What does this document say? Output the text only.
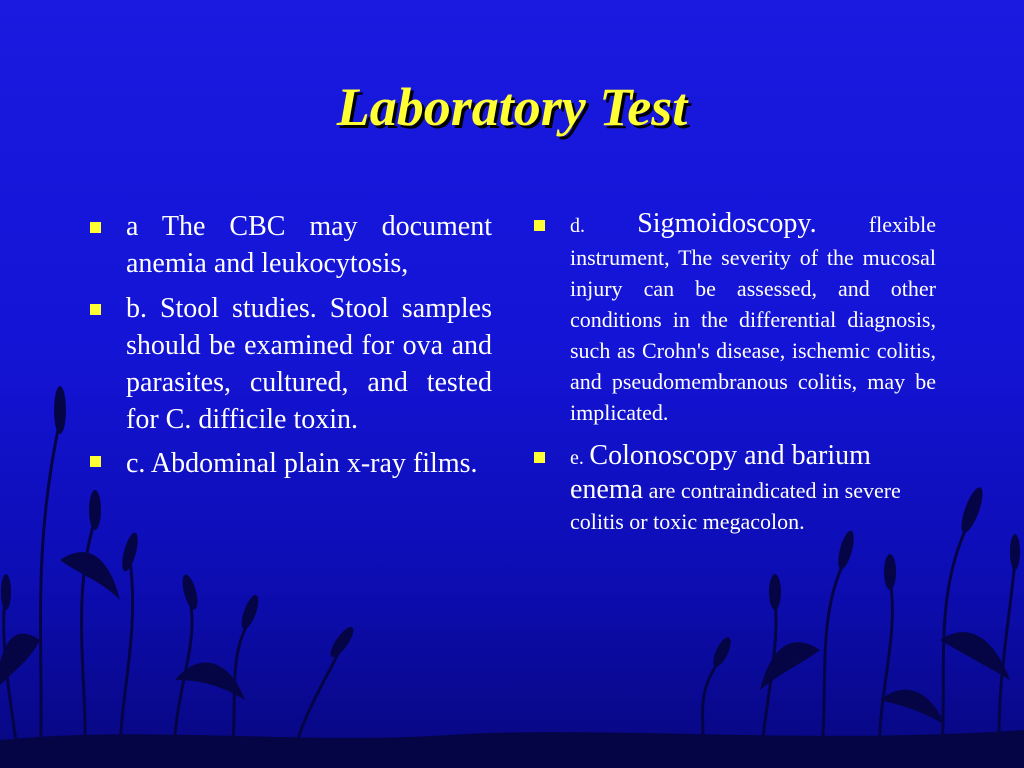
Laboratory Test
a The CBC may document anemia and leukocytosis,
b. Stool studies. Stool samples should be examined for ova and parasites, cultured, and tested for C. difficile toxin.
c. Abdominal plain x-ray films.
d. Sigmoidoscopy. flexible instrument, The severity of the mucosal injury can be assessed, and other conditions in the differential diagnosis, such as Crohn's disease, ischemic colitis, and pseudomembranous colitis, may be implicated.
e. Colonoscopy and barium enema are contraindicated in severe colitis or toxic megacolon.
